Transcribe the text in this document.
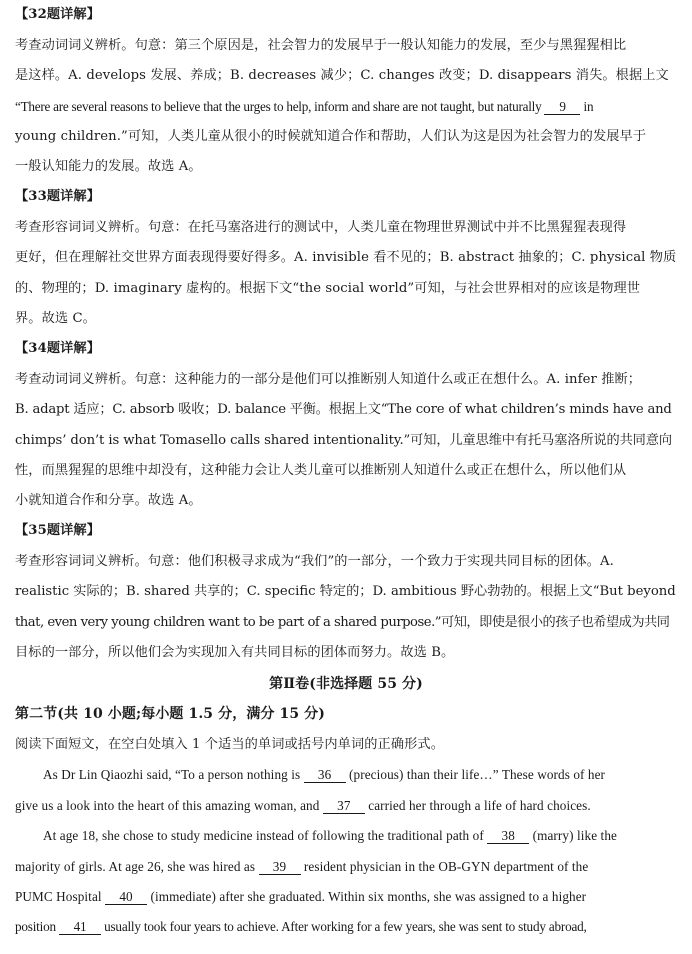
【32题详解】
考查动词词义辨析。句意：第三个原因是，社会智力的发展早于一般认知能力的发展，至少与黑猩猩相比
是这样。A. develops 发展、养成；B. decreases 减少；C. changes 改变；D. disappears 消失。根据上文
“There are several reasons to believe that the urges to help, inform and share are not taught, but naturally 9 in
young children.”可知，人类儿童从很小的时候就知道合作和帮助，人们认为这是因为社会智力的发展早于
一般认知能力的发展。故选 A。
【33题详解】
考查形容词词义辨析。句意：在托马塞洛进行的测试中，人类儿童在物理世界测试中并不比黑猩猩表现得
更好，但在理解社交世界方面表现得要好得多。A. invisible 看不见的；B. abstract 抽象的；C. physical 物质
的、物理的；D. imaginary 虚构的。根据下文“the social world”可知，与社会世界相对的应该是物理世
界。故选 C。
【34题详解】
考查动词词义辨析。句意：这种能力的一部分是他们可以推断别人知道什么或正在想什么。A. infer 推断；
B. adapt 适应；C. absorb 吸收；D. balance 平衡。根据上文“The core of what children’s minds have and
chimps’ don’t is what Tomasello calls shared intentionality.”可知，儿童思维中有托马塞洛所说的共同意向
性，而黑猩猩的思维中却没有，这种能力会让人类儿童可以推断别人知道什么或正在想什么，所以他们从
小就知道合作和分享。故选 A。
【35题详解】
考查形容词词义辨析。句意：他们积极寻求成为“我们”的一部分，一个致力于实现共同目标的团体。A.
realistic 实际的；B. shared 共享的；C. specific 特定的；D. ambitious 野心勃勃的。根据上文“But beyond
that, even very young children want to be part of a shared purpose.”可知，即使是很小的孩子也希望成为共同
目标的一部分，所以他们会为实现加入有共同目标的团体而努力。故选 B。
第Ⅱ卷(非选择题 55 分)
第二节(共 10 小题;每小题 1.5 分，满分 15 分)
阅读下面短文，在空白处填入 1 个适当的单词或括号内单词的正确形式。
As Dr Lin Qiaozhi said, “To a person nothing is 36 (precious) than their life…” These words of her
give us a look into the heart of this amazing woman, and 37 carried her through a life of hard choices.
At age 18, she chose to study medicine instead of following the traditional path of 38 (marry) like the
majority of girls. At age 26, she was hired as 39 resident physician in the OB-GYN department of the
PUMC Hospital 40 (immediate) after she graduated. Within six months, she was assigned to a higher
position 41 usually took four years to achieve. After working for a few years, she was sent to study abroad,
